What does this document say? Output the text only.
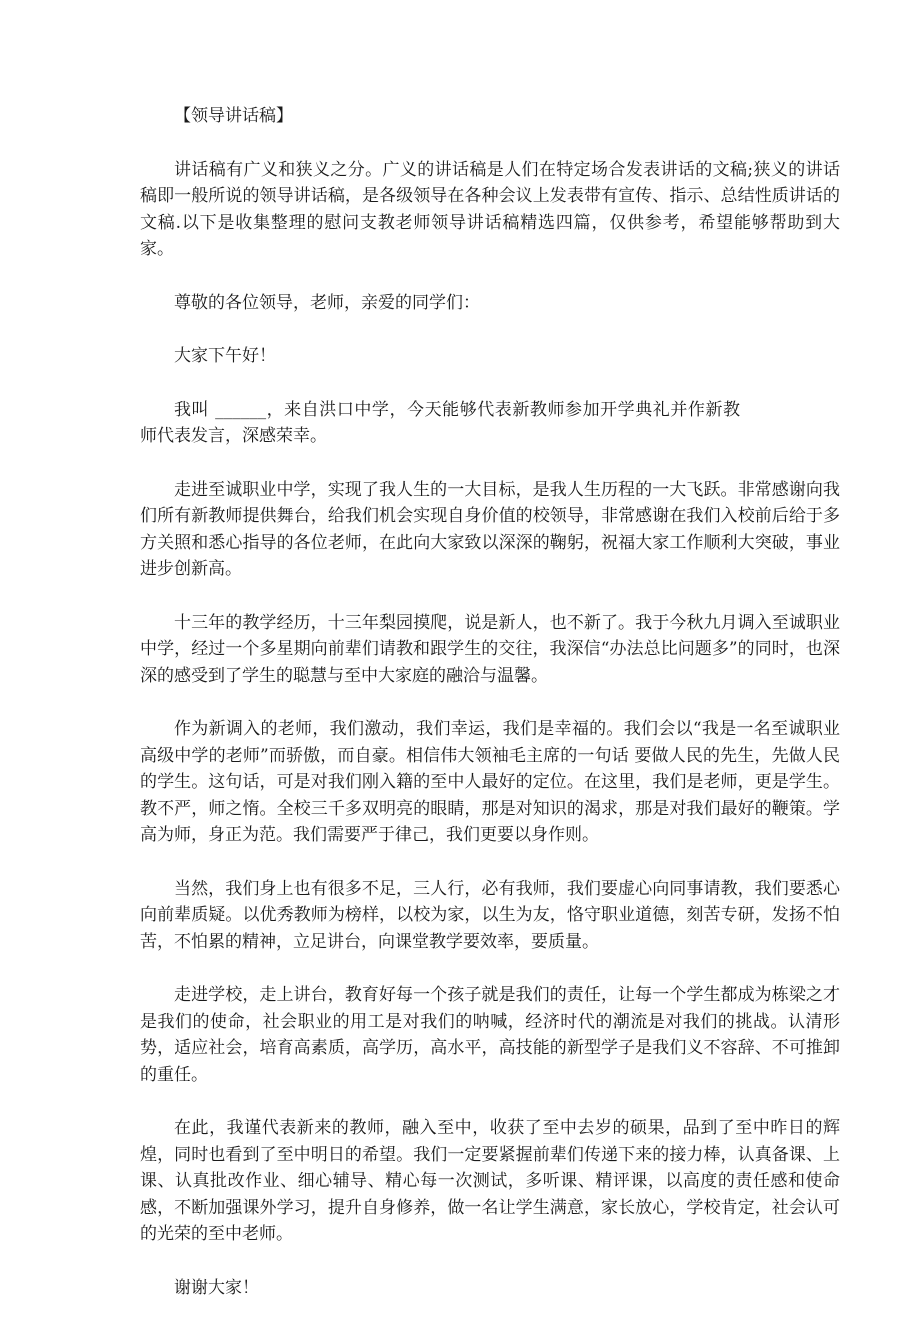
【领导讲话稿】

讲话稿有广义和狭义之分。广义的讲话稿是人们在特定场合发表讲话的文稿;狭义的讲话稿即一般所说的领导讲话稿，是各级领导在各种会议上发表带有宣传、指示、总结性质讲话的文稿.以下是收集整理的慰问支教老师领导讲话稿精选四篇，仅供参考，希望能够帮助到大家。

尊敬的各位领导，老师，亲爱的同学们：

大家下午好！

我叫 ______，来自洪口中学，今天能够代表新教师参加开学典礼并作新教师代表发言，深感荣幸。

走进至诚职业中学，实现了我人生的一大目标，是我人生历程的一大飞跃。非常感谢向我们所有新教师提供舞台，给我们机会实现自身价值的校领导，非常感谢在我们入校前后给于多方关照和悉心指导的各位老师，在此向大家致以深深的鞠躬，祝福大家工作顺利大突破，事业进步创新高。

十三年的教学经历，十三年梨园摸爬，说是新人，也不新了。我于今秋九月调入至诚职业中学，经过一个多星期向前辈们请教和跟学生的交往，我深信“办法总比问题多”的同时，也深深的感受到了学生的聪慧与至中大家庭的融洽与温馨。

作为新调入的老师，我们激动，我们幸运，我们是幸福的。我们会以“我是一名至诚职业高级中学的老师”而骄傲，而自豪。相信伟大领袖毛主席的一句话 要做人民的先生，先做人民的学生。这句话，可是对我们刚入籍的至中人最好的定位。在这里，我们是老师，更是学生。教不严，师之惰。全校三千多双明亮的眼睛，那是对知识的渴求，那是对我们最好的鞭策。学高为师，身正为范。我们需要严于律己，我们更要以身作则。

当然，我们身上也有很多不足，三人行，必有我师，我们要虚心向同事请教，我们要悉心向前辈质疑。以优秀教师为榜样，以校为家，以生为友，恪守职业道德，刻苦专研，发扬不怕苦，不怕累的精神，立足讲台，向课堂教学要效率，要质量。

走进学校，走上讲台，教育好每一个孩子就是我们的责任，让每一个学生都成为栋梁之才是我们的使命，社会职业的用工是对我们的呐喊，经济时代的潮流是对我们的挑战。认清形势，适应社会，培育高素质，高学历，高水平，高技能的新型学子是我们义不容辞、不可推卸的重任。

在此，我谨代表新来的教师，融入至中，收获了至中去岁的硕果，品到了至中昨日的辉煌，同时也看到了至中明日的希望。我们一定要紧握前辈们传递下来的接力棒，认真备课、上课、认真批改作业、细心辅导、精心每一次测试，多听课、精评课，以高度的责任感和使命感，不断加强课外学习，提升自身修养，做一名让学生满意，家长放心，学校肯定，社会认可的光荣的至中老师。

谢谢大家！
